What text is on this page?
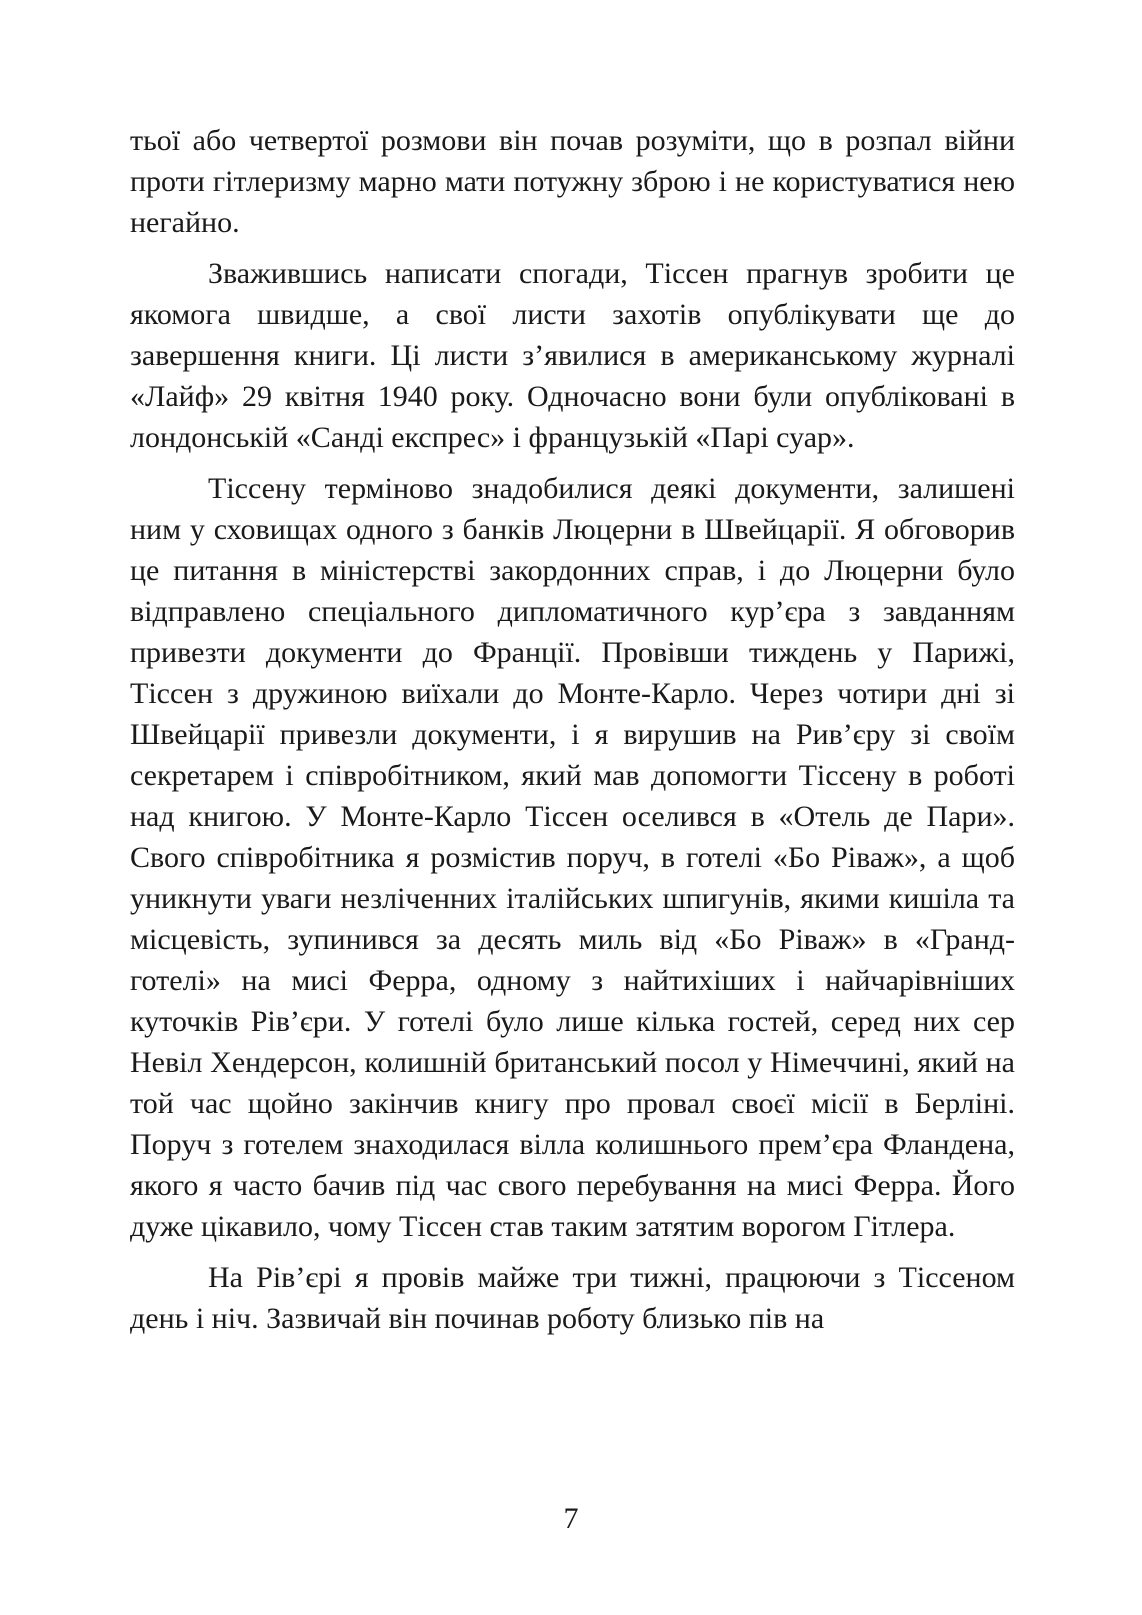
тьої або четвертої розмови він почав розуміти, що в розпал війни проти гітлеризму марно мати потужну зброю і не користуватися нею негайно.

Зважившись написати спогади, Тіссен прагнув зробити це якомога швидше, а свої листи захотів опублікувати ще до завершення книги. Ці листи з’явилися в американському журналі «Лайф» 29 квітня 1940 року. Одночасно вони були опубліковані в лондонській «Санді експрес» і французькій «Парі суар».

Тіссену терміново знадобилися деякі документи, залишені ним у сховищах одного з банків Люцерни в Швейцарії. Я обговорив це питання в міністерстві закордонних справ, і до Люцерни було відправлено спеціального дипломатичного кур’єра з завданням привезти документи до Франції. Провівши тиждень у Парижі, Тіссен з дружиною виїхали до Монте-Карло. Через чотири дні зі Швейцарії привезли документи, і я вирушив на Рив’єру зі своїм секретарем і співробітником, який мав допомогти Тіссену в роботі над книгою. У Монте-Карло Тіссен оселився в «Отель де Пари». Свого співробітника я розмістив поруч, в готелі «Бо Ріваж», а щоб уникнути уваги незліченних італійських шпигунів, якими кишіла та місцевість, зупинився за десять миль від «Бо Ріваж» в «Гранд-готелі» на мисі Ферра, одному з найтихіших і найчарівніших куточків Рів’єри. У готелі було лише кілька гостей, серед них сер Невіл Хендерсон, колишній британський посол у Німеччині, який на той час щойно закінчив книгу про провал своєї місії в Берліні. Поруч з готелем знаходилася вілла колишнього прем’єра Фландена, якого я часто бачив під час свого перебування на мисі Ферра. Його дуже цікавило, чому Тіссен став таким затятим ворогом Гітлера.

На Рів’єрі я провів майже три тижні, працюючи з Тіссеном день і ніч. Зазвичай він починав роботу близько пів на

7
